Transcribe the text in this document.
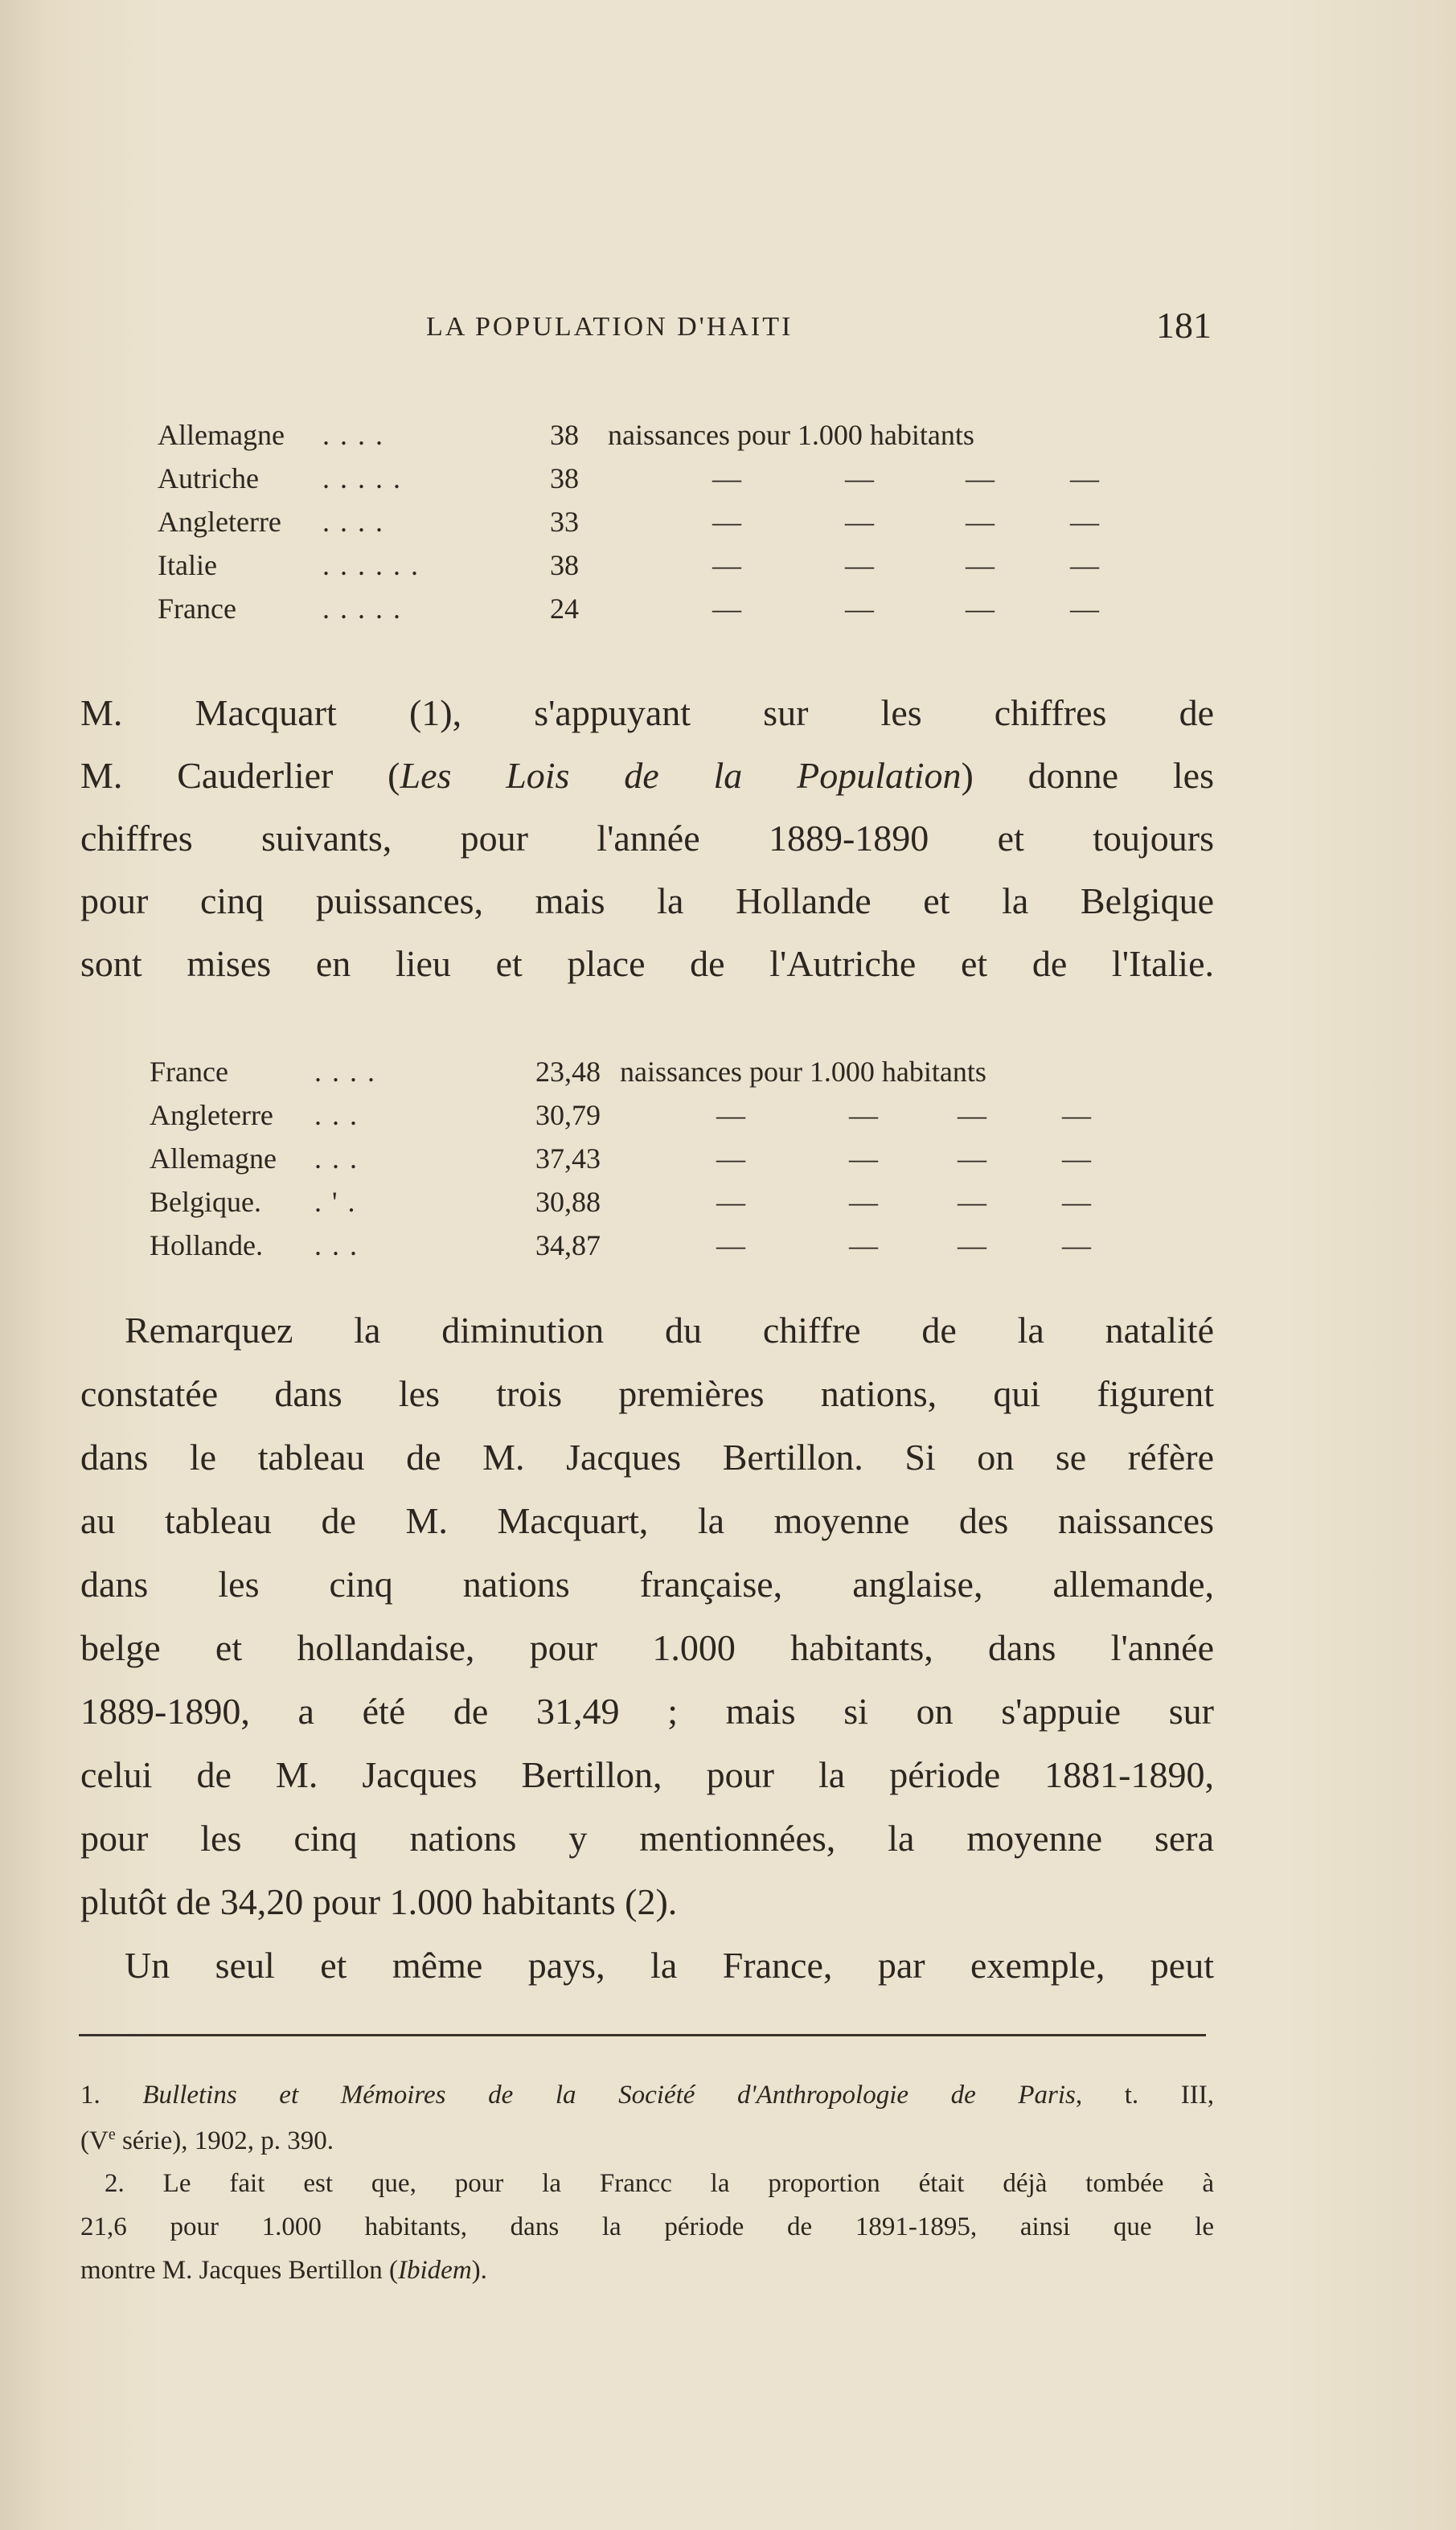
LA POPULATION D'HAITI	181
Allemagne . . . .	38 naissances pour 1.000 habitants
Autriche . . . . .	38	—	—	—	—
Angleterre . . . .	33	—	—	—	—
Italie	. . . . . .	38	—	—	—	—
France	. . . . .	24	—	—	—	—
M. Macquart (1), s'appuyant sur les chiffres de
M. Cauderlier (Les Lois de la Population) donne les
chiffres suivants, pour l'année 1889-1890 et toujours
pour cinq puissances, mais la Hollande et la Belgique
sont mises en lieu et place de l'Autriche et de l'Italie.
France	. . . .	23,48 naissances pour 1.000 habitants
Angleterre . . .	30,79	—	—	—	—
Allemagne . . .	37,43	—	—	—	—
Belgique. . ' .	30,88	—	—	—	—
Hollande. . . .	34,87	—	—	—	—
Remarquez la diminution du chiffre de la natalité
constatée dans les trois premières nations, qui figurent
dans le tableau de M. Jacques Bertillon. Si on se réfère
au tableau de M. Macquart, la moyenne des naissances
dans les cinq nations française, anglaise, allemande,
belge et hollandaise, pour 1.000 habitants, dans l'année
1889-1890, a été de 31,49 ; mais si on s'appuie sur
celui de M. Jacques Bertillon, pour la période 1881-1890,
pour les cinq nations y mentionnées, la moyenne sera
plutôt de 34,20 pour 1.000 habitants (2).
Un seul et même pays, la France, par exemple, peut
1. Bulletins et Mémoires de la Société d'Anthropologie de Paris, t. III,
(Ve série), 1902, p. 390.
2. Le fait est que, pour la Francc la proportion était déjà tombée à
21,6 pour 1.000 habitants, dans la période de 1891-1895, ainsi que le
montre M. Jacques Bertillon (Ibidem).
